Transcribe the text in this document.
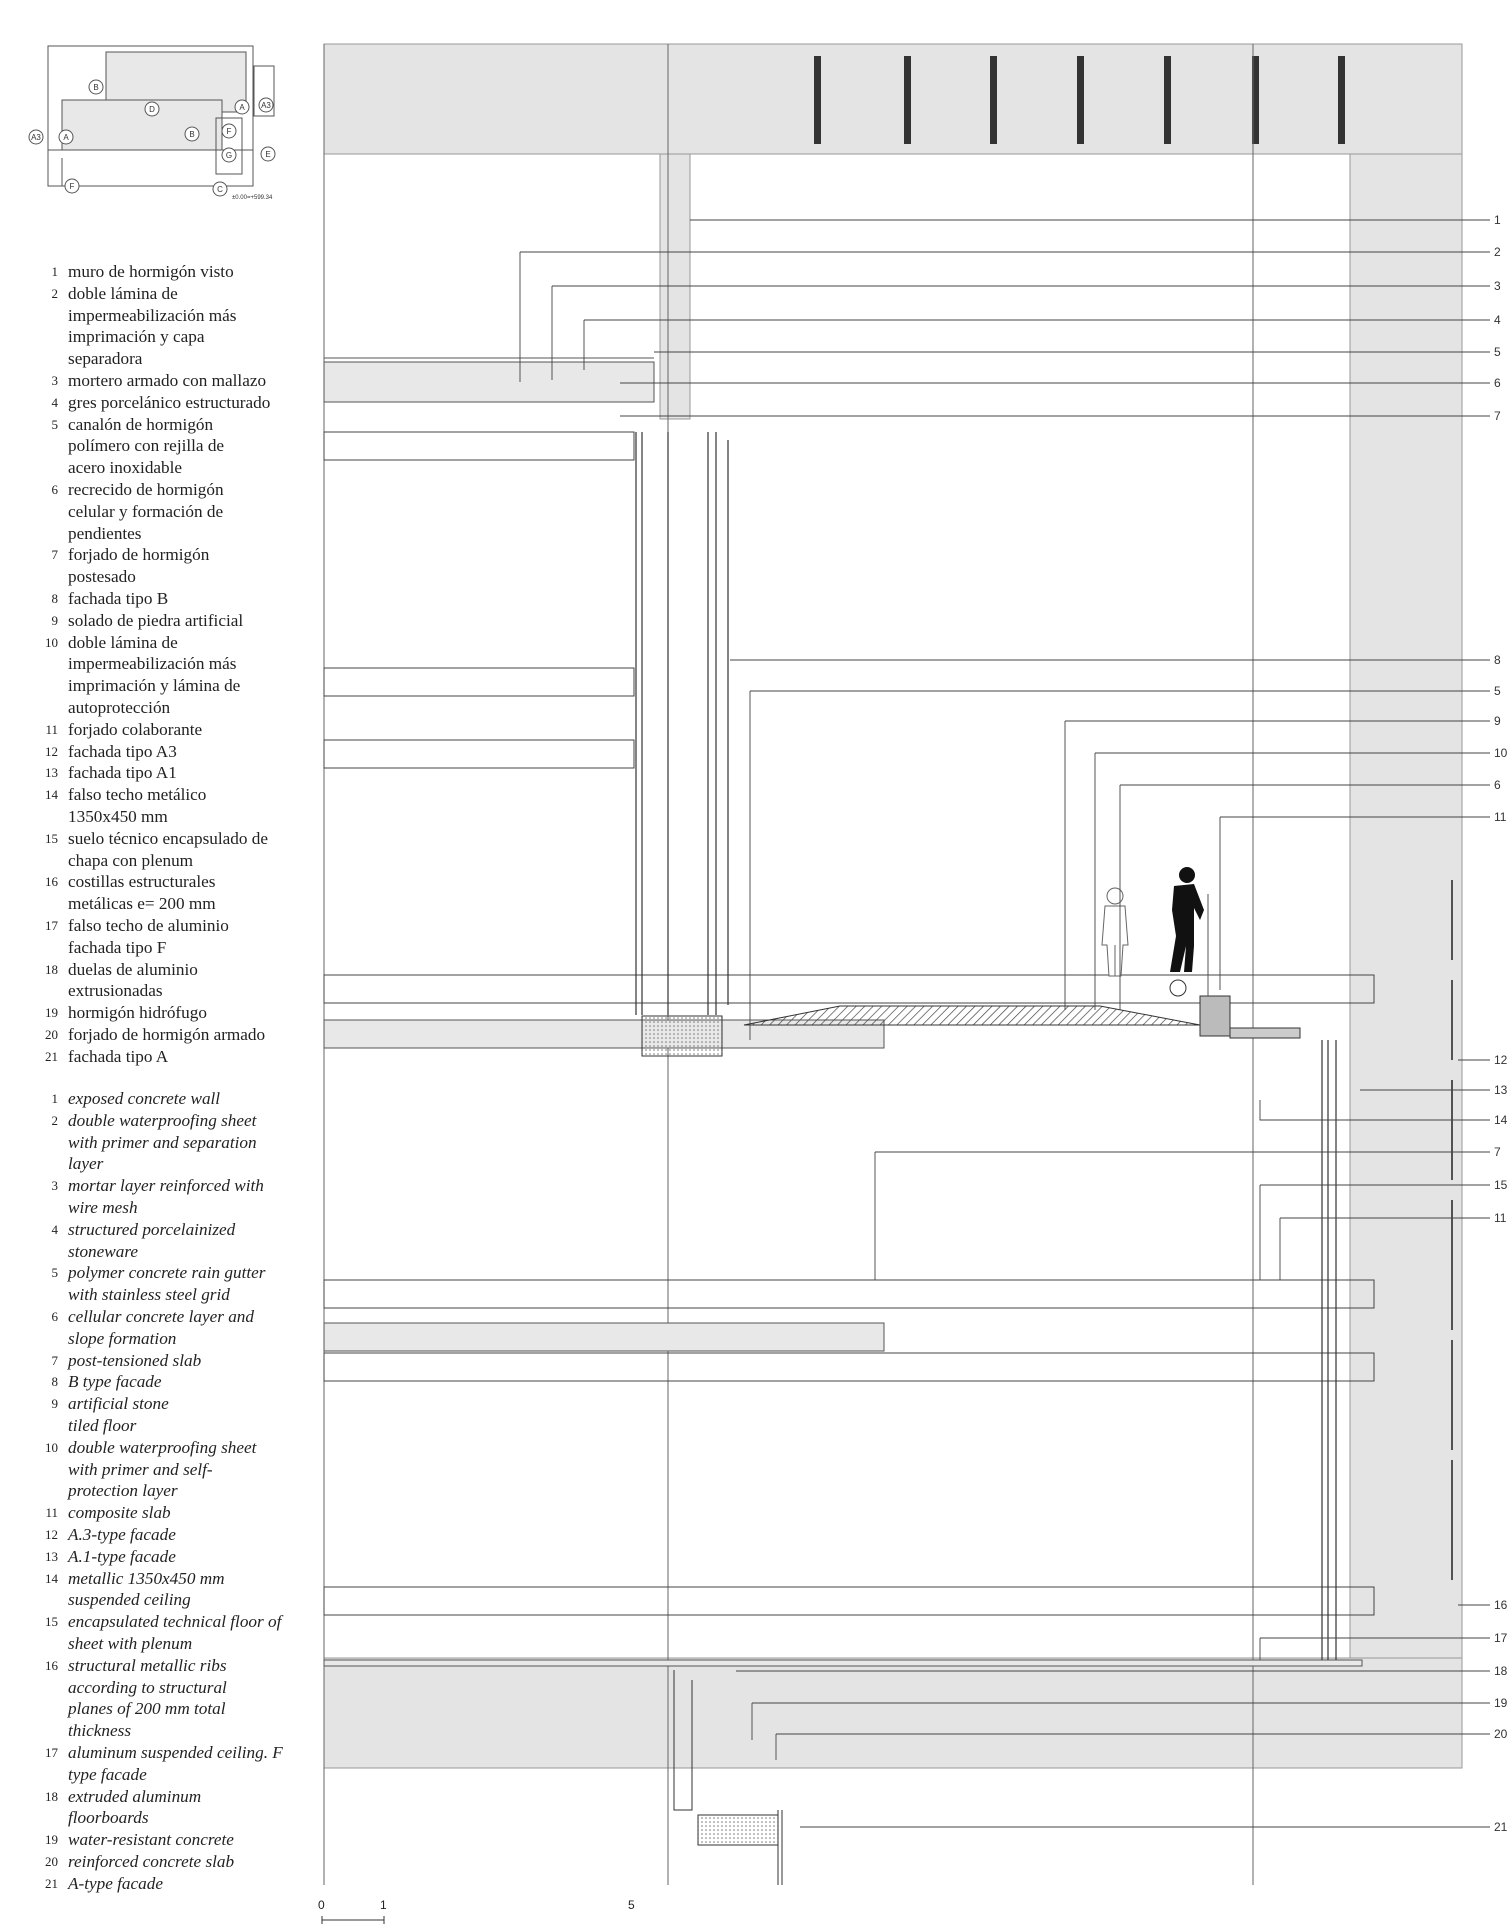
A3	A
B
D	A A3
B	F
G	E
F	C
±0.00=+599.34
1 muro de hormigón visto
2 doble lámina de impermeabilización más imprimación y capa separadora
3 mortero armado con mallazo
4 gres porcelánico estructurado
5 canalón de hormigón polímero con rejilla de acero inoxidable
6 recrecido de hormigón celular y formación de pendientes
7 forjado de hormigón postesado
8 fachada tipo B
9 solado de piedra artificial
10 doble lámina de impermeabilización más imprimación y lámina de autoprotección
11 forjado colaborante
12 fachada tipo A3
13 fachada tipo A1
14 falso techo metálico 1350x450 mm
15 suelo técnico encapsulado de chapa con plenum
16 costillas estructurales metálicas e= 200 mm
17 falso techo de aluminio fachada tipo F
18 duelas de aluminio extrusionadas
19 hormigón hidrófugo
20 forjado de hormigón armado
21 fachada tipo A
1 exposed concrete wall
2 double waterproofing sheet with primer and separation layer
3 mortar layer reinforced with wire mesh
4 structured porcelainized stoneware
5 polymer concrete rain gutter with stainless steel grid
6 cellular concrete layer and slope formation
7 post-tensioned slab
8 B type facade
9 artificial stone tiled floor
10 double waterproofing sheet with primer and self-protection layer
11 composite slab
12 A.3-type facade
13 A.1-type facade
14 metallic 1350x450 mm suspended ceiling
15 encapsulated technical floor of sheet with plenum
16 structural metallic ribs according to structural planes of 200 mm total thickness
17 aluminum suspended ceiling. F type facade
18 extruded aluminum floorboards
19 water-resistant concrete
20 reinforced concrete slab
21 A-type facade
1
2
3
4
5
6
7
8
5
9
10
6
11
12
13
14
7
15
11
16
17
18
19
20
21
0	1	5
